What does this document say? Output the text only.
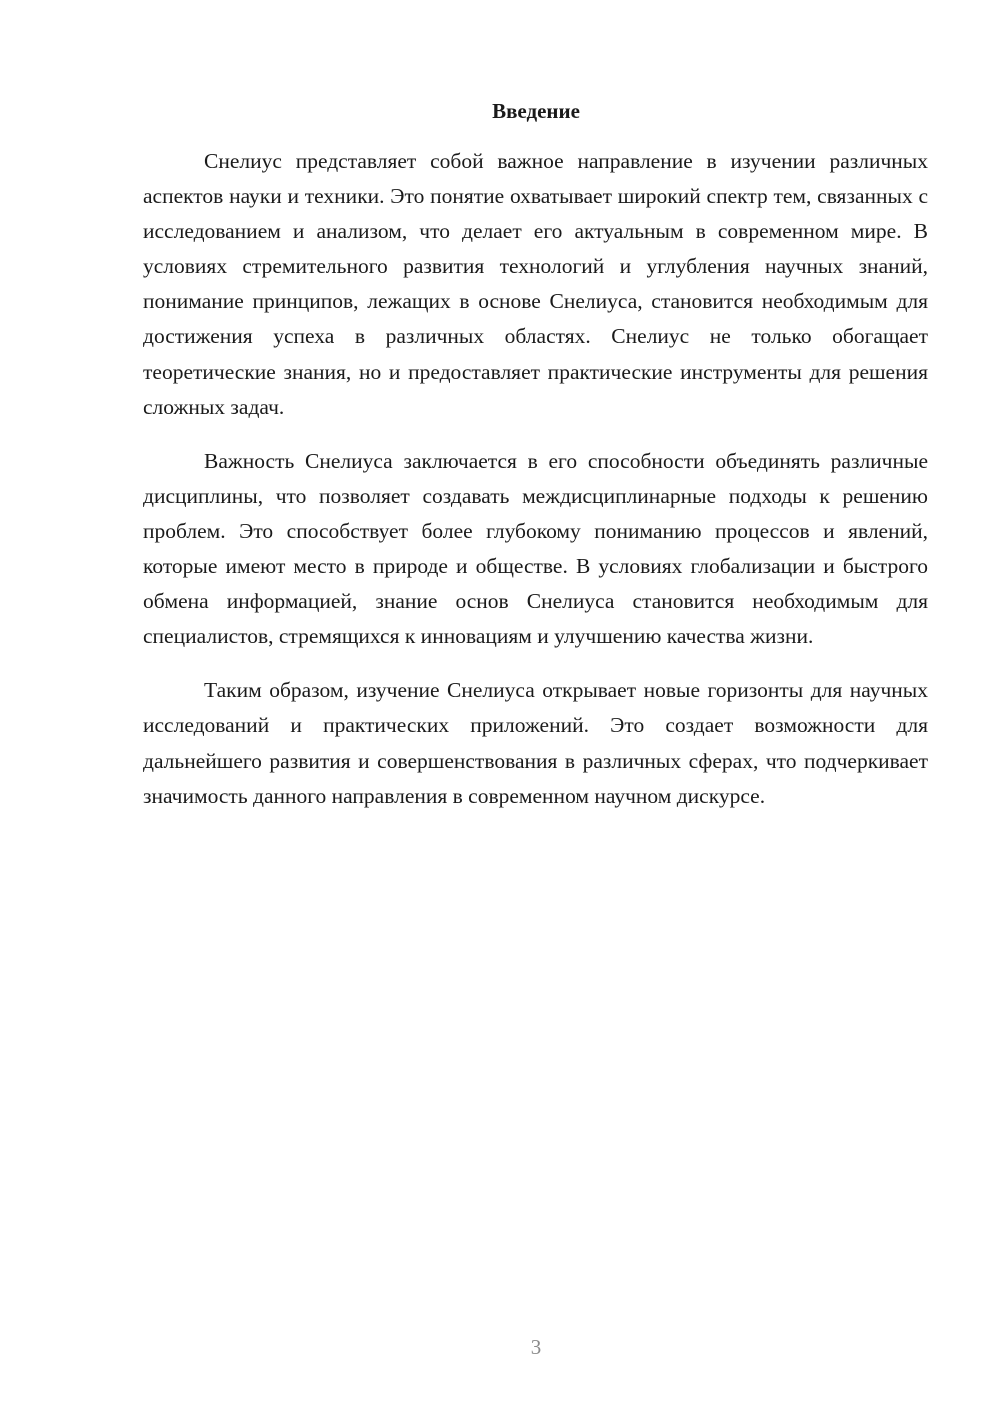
Введение

Снелиус представляет собой важное направление в изучении различных аспектов науки и техники. Это понятие охватывает широкий спектр тем, связанных с исследованием и анализом, что делает его актуальным в современном мире. В условиях стремительного развития технологий и углубления научных знаний, понимание принципов, лежащих в основе Снелиуса, становится необходимым для достижения успеха в различных областях. Снелиус не только обогащает теоретические знания, но и предоставляет практические инструменты для решения сложных задач.

Важность Снелиуса заключается в его способности объединять различные дисциплины, что позволяет создавать междисциплинарные подходы к решению проблем. Это способствует более глубокому пониманию процессов и явлений, которые имеют место в природе и обществе. В условиях глобализации и быстрого обмена информацией, знание основ Снелиуса становится необходимым для специалистов, стремящихся к инновациям и улучшению качества жизни.

Таким образом, изучение Снелиуса открывает новые горизонты для научных исследований и практических приложений. Это создает возможности для дальнейшего развития и совершенствования в различных сферах, что подчеркивает значимость данного направления в современном научном дискурсе.

3
